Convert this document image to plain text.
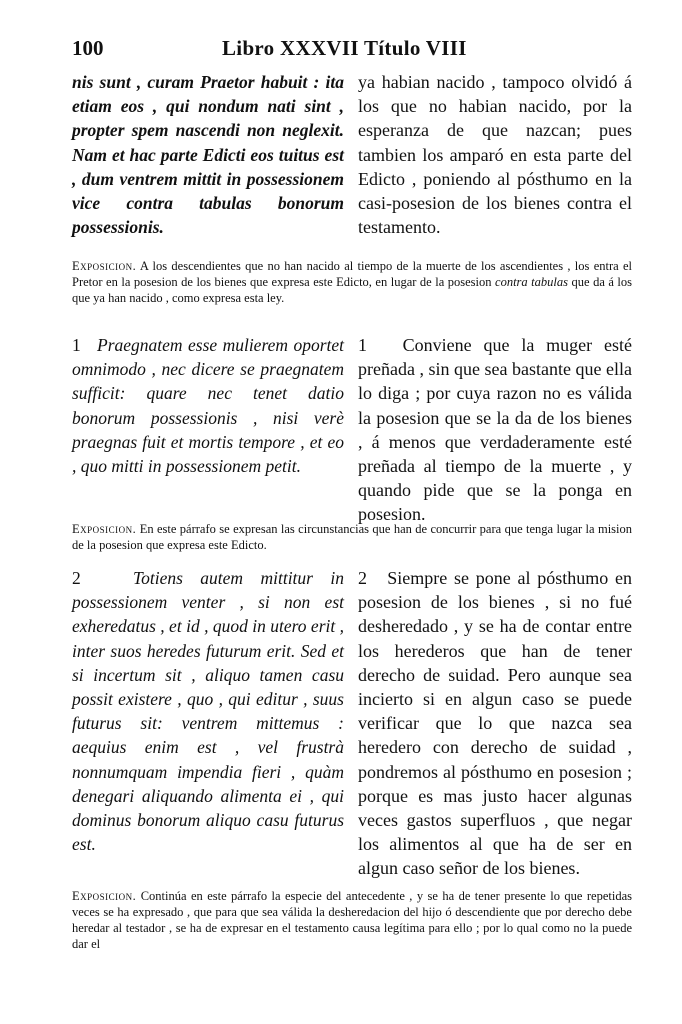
100	Libro XXXVII Título VIII

nis sunt , curam Praetor habuit : ita etiam eos , qui nondum nati sint , propter spem nascendi non neglexit. Nam et hac parte Edicti eos tuitus est , dum ventrem mittit in possessionem vice contra tabulas bonorum possessionis.

ya habian nacido , tampoco olvidó á los que no habian nacido, por la esperanza de que nazcan; pues tambien los amparó en esta parte del Edicto , poniendo al pósthumo en la casi-posesion de los bienes contra el testamento.

Exposicion. A los descendientes que no han nacido al tiempo de la muerte de los ascendientes , los entra el Pretor en la posesion de los bienes que expresa este Edicto, en lugar de la posesion contra tabulas que da á los que ya han nacido , como expresa esta ley.

1 Praegnatem esse mulierem oportet omnimodo , nec dicere se praegnatem sufficit: quare nec tenet datio bonorum possessionis , nisi verè praegnas fuit et mortis tempore , et eo , quo mitti in possessionem petit.

1 Conviene que la muger esté preñada , sin que sea bastante que ella lo diga ; por cuya razon no es válida la posesion que se la da de los bienes , á menos que verdaderamente esté preñada al tiempo de la muerte , y quando pide que se la ponga en posesion.

Exposicion. En este párrafo se expresan las circunstancias que han de concurrir para que tenga lugar la mision de la posesion que expresa este Edicto.

2	Totiens autem mittitur in possessionem venter , si non est exheredatus , et id , quod in utero erit , inter suos heredes futurum erit. Sed et si incertum sit , aliquo tamen casu possit existere , quo , qui editur , suus futurus sit: ventrem mittemus : aequius enim est , vel frustrà nonnumquam impendia fieri , quàm denegari aliquando alimenta ei , qui dominus bonorum aliquo casu futurus est.

2 Siempre se pone al pósthumo en posesion de los bienes , si no fué desheredado , y se ha de contar entre los herederos que han de tener derecho de suidad. Pero aunque sea incierto si en algun caso se puede verificar que lo que nazca sea heredero con derecho de suidad , pondremos al pósthumo en posesion ; porque es mas justo hacer algunas veces gastos superfluos , que negar los alimentos al que ha de ser en algun caso señor de los bienes.

Exposicion. Continúa en este párrafo la especie del antecedente , y se ha de tener presente lo que repetidas veces se ha expresado , que para que sea válida la desheredacion del hijo ó descendiente que por derecho debe heredar al testador , se ha de expresar en el testamento causa legítima para ello ; por lo qual como no la puede dar el
